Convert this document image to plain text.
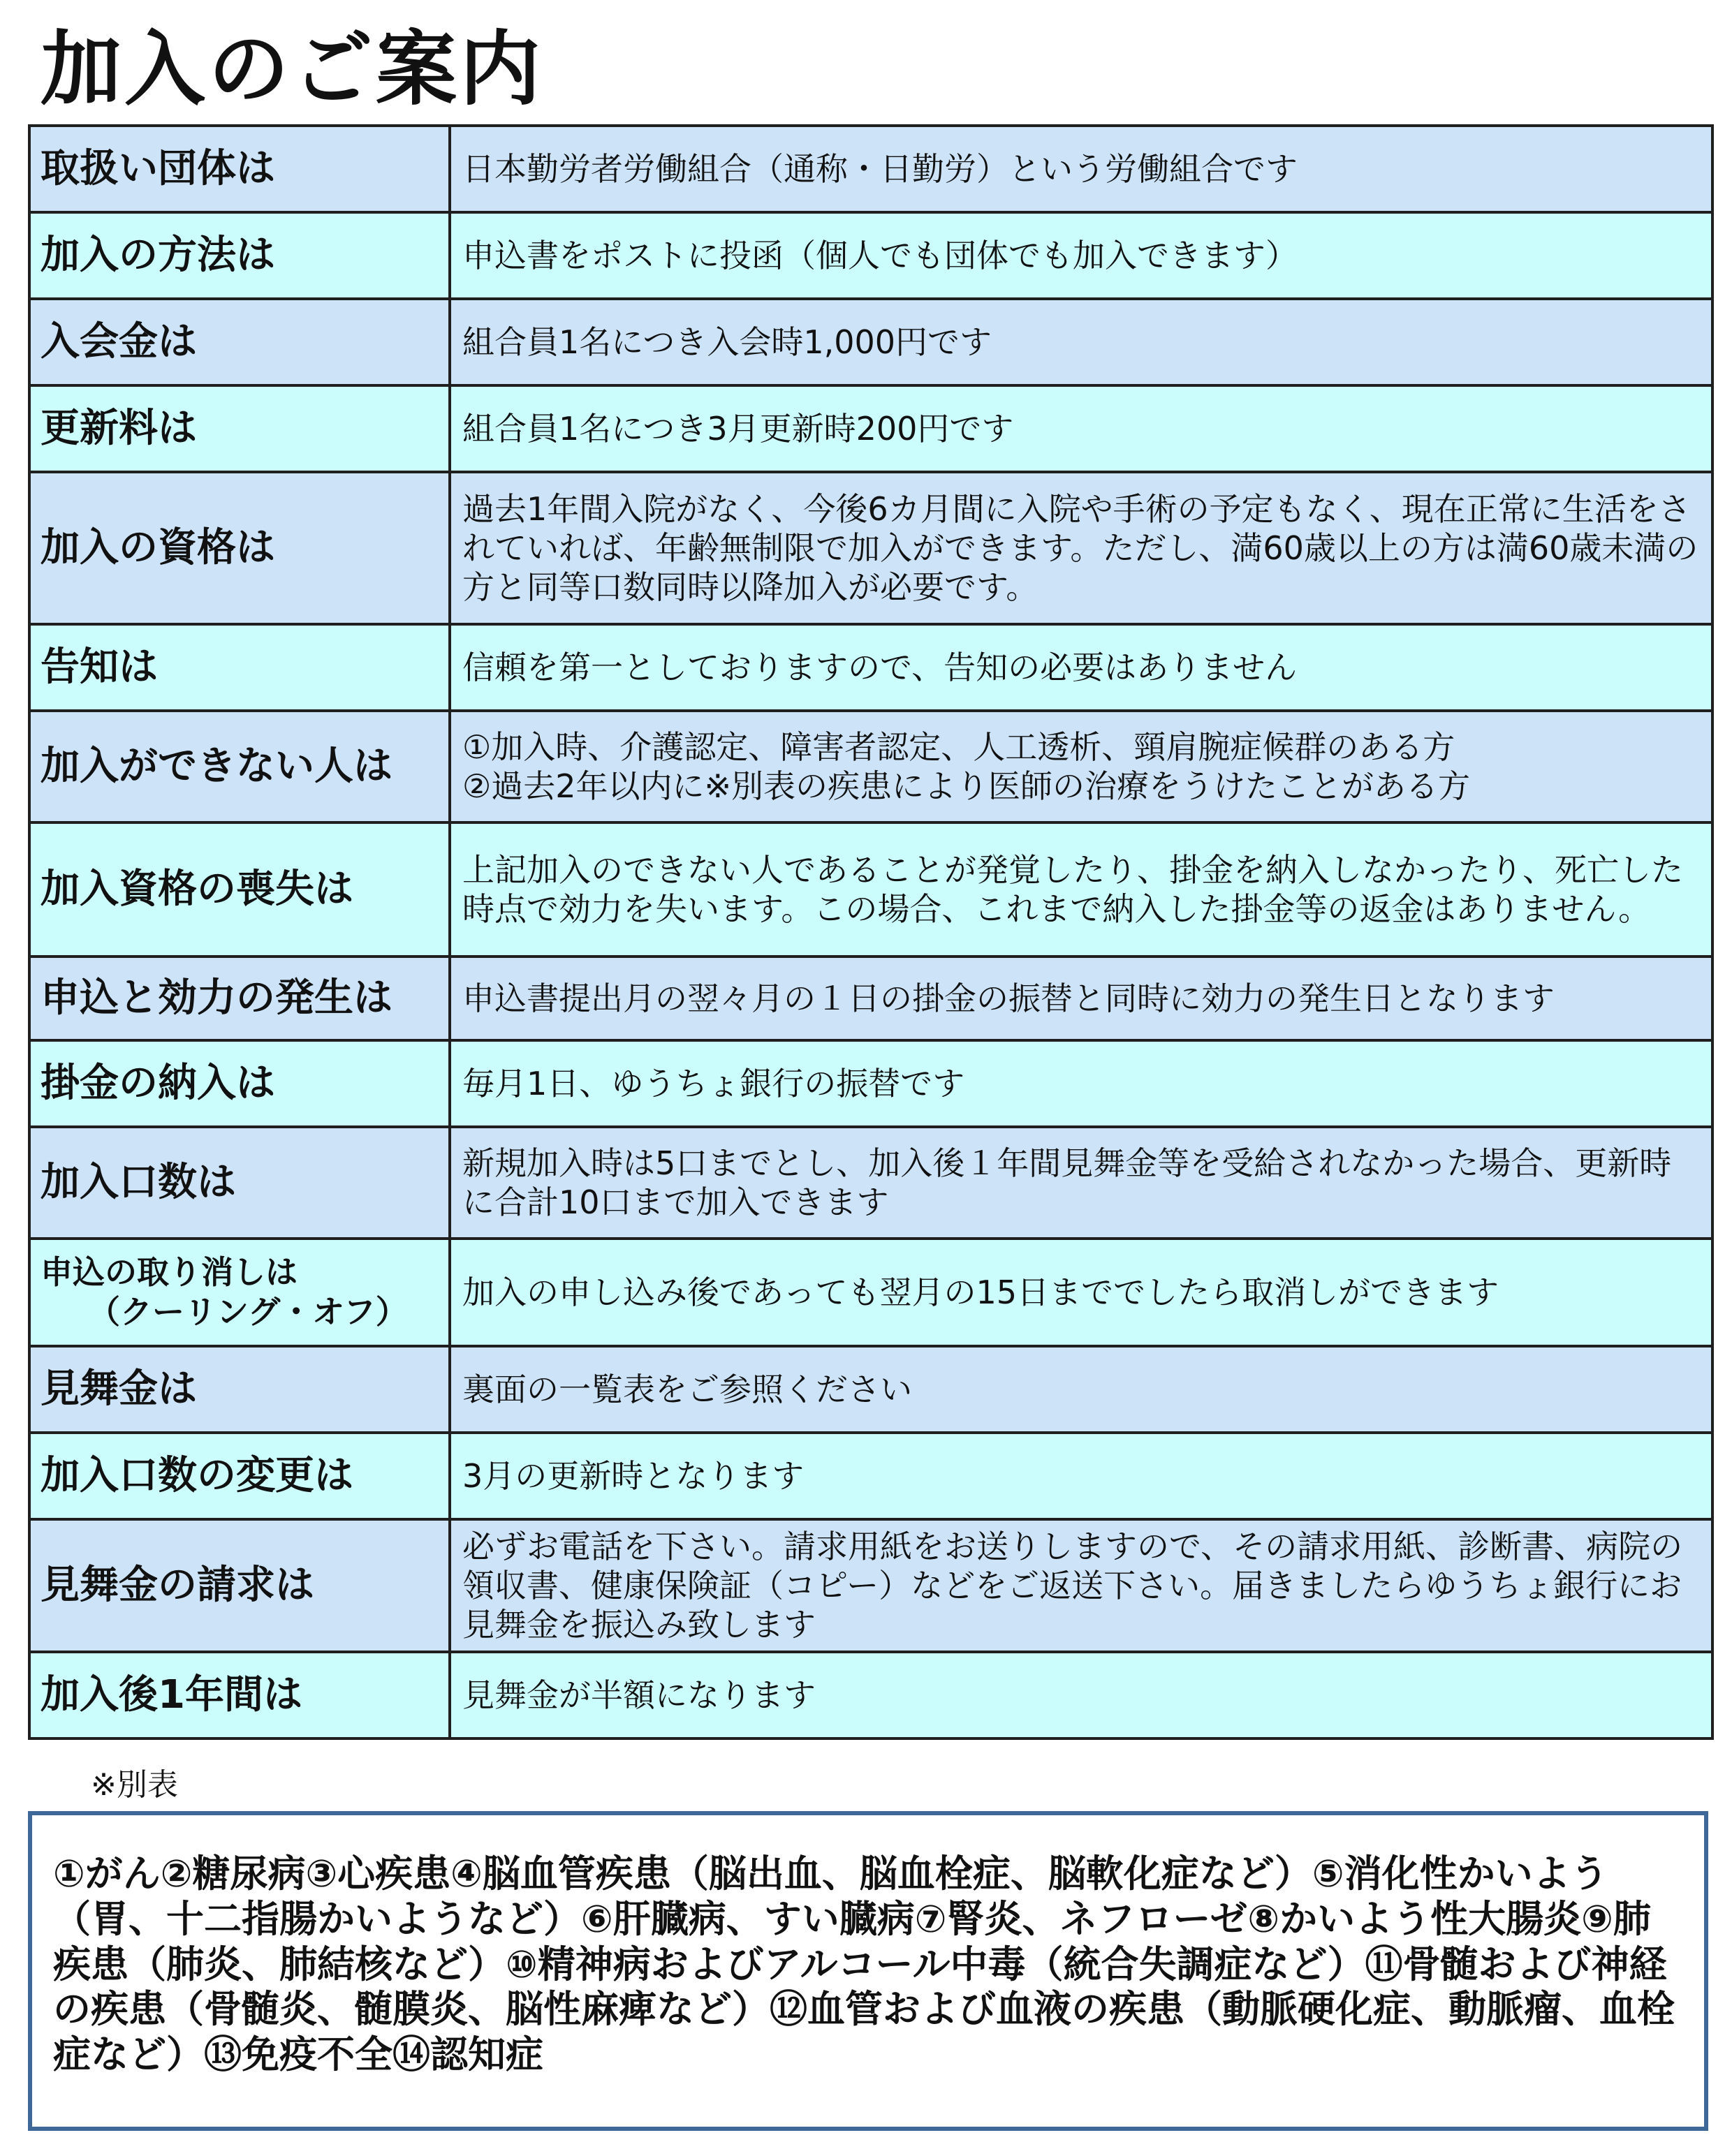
加入のご案内
取扱い団体は	日本勤労者労働組合（通称・日勤労）という労働組合です
加入の方法は	申込書をポストに投函（個人でも団体でも加入できます）
入会金は	組合員1名につき入会時1,000円です
更新料は	組合員1名につき3月更新時200円です
加入の資格は	過去1年間入院がなく、今後6カ月間に入院や手術の予定もなく、現在正常に生活をされていれば、年齢無制限で加入ができます。ただし、満60歳以上の方は満60歳未満の方と同等口数同時以降加入が必要です。
告知は	信頼を第一としておりますので、告知の必要はありません
加入ができない人は	①加入時、介護認定、障害者認定、人工透析、頸肩腕症候群のある方
②過去2年以内に※別表の疾患により医師の治療をうけたことがある方
加入資格の喪失は	上記加入のできない人であることが発覚したり、掛金を納入しなかったり、死亡した時点で効力を失います。この場合、これまで納入した掛金等の返金はありません。
申込と効力の発生は	申込書提出月の翌々月の１日の掛金の振替と同時に効力の発生日となります
掛金の納入は	毎月1日、ゆうちょ銀行の振替です
加入口数は	新規加入時は5口までとし、加入後１年間見舞金等を受給されなかった場合、更新時に合計10口まで加入できます

申込の取り消しは
（クーリング・オフ）	加入の申し込み後であっても翌月の15日まででしたら取消しができます
見舞金は	裏面の一覧表をご参照ください
加入口数の変更は	3月の更新時となります
見舞金の請求は	必ずお電話を下さい。請求用紙をお送りしますので、その請求用紙、診断書、病院の領収書、健康保険証（コピー）などをご返送下さい。届きましたらゆうちょ銀行にお見舞金を振込み致します
加入後1年間は	見舞金が半額になります
※別表
①がん②糖尿病③心疾患④脳血管疾患（脳出血、脳血栓症、脳軟化症など）⑤消化性かいよう（胃、十二指腸かいようなど）⑥肝臓病、すい臓病⑦腎炎、ネフローゼ⑧かいよう性大腸炎⑨肺疾患（肺炎、肺結核など）⑩精神病およびアルコール中毒（統合失調症など）⑪骨髄および神経の疾患（骨髄炎、髄膜炎、脳性麻痺など）⑫血管および血液の疾患（動脈硬化症、動脈瘤、血栓症など）⑬免疫不全⑭認知症
